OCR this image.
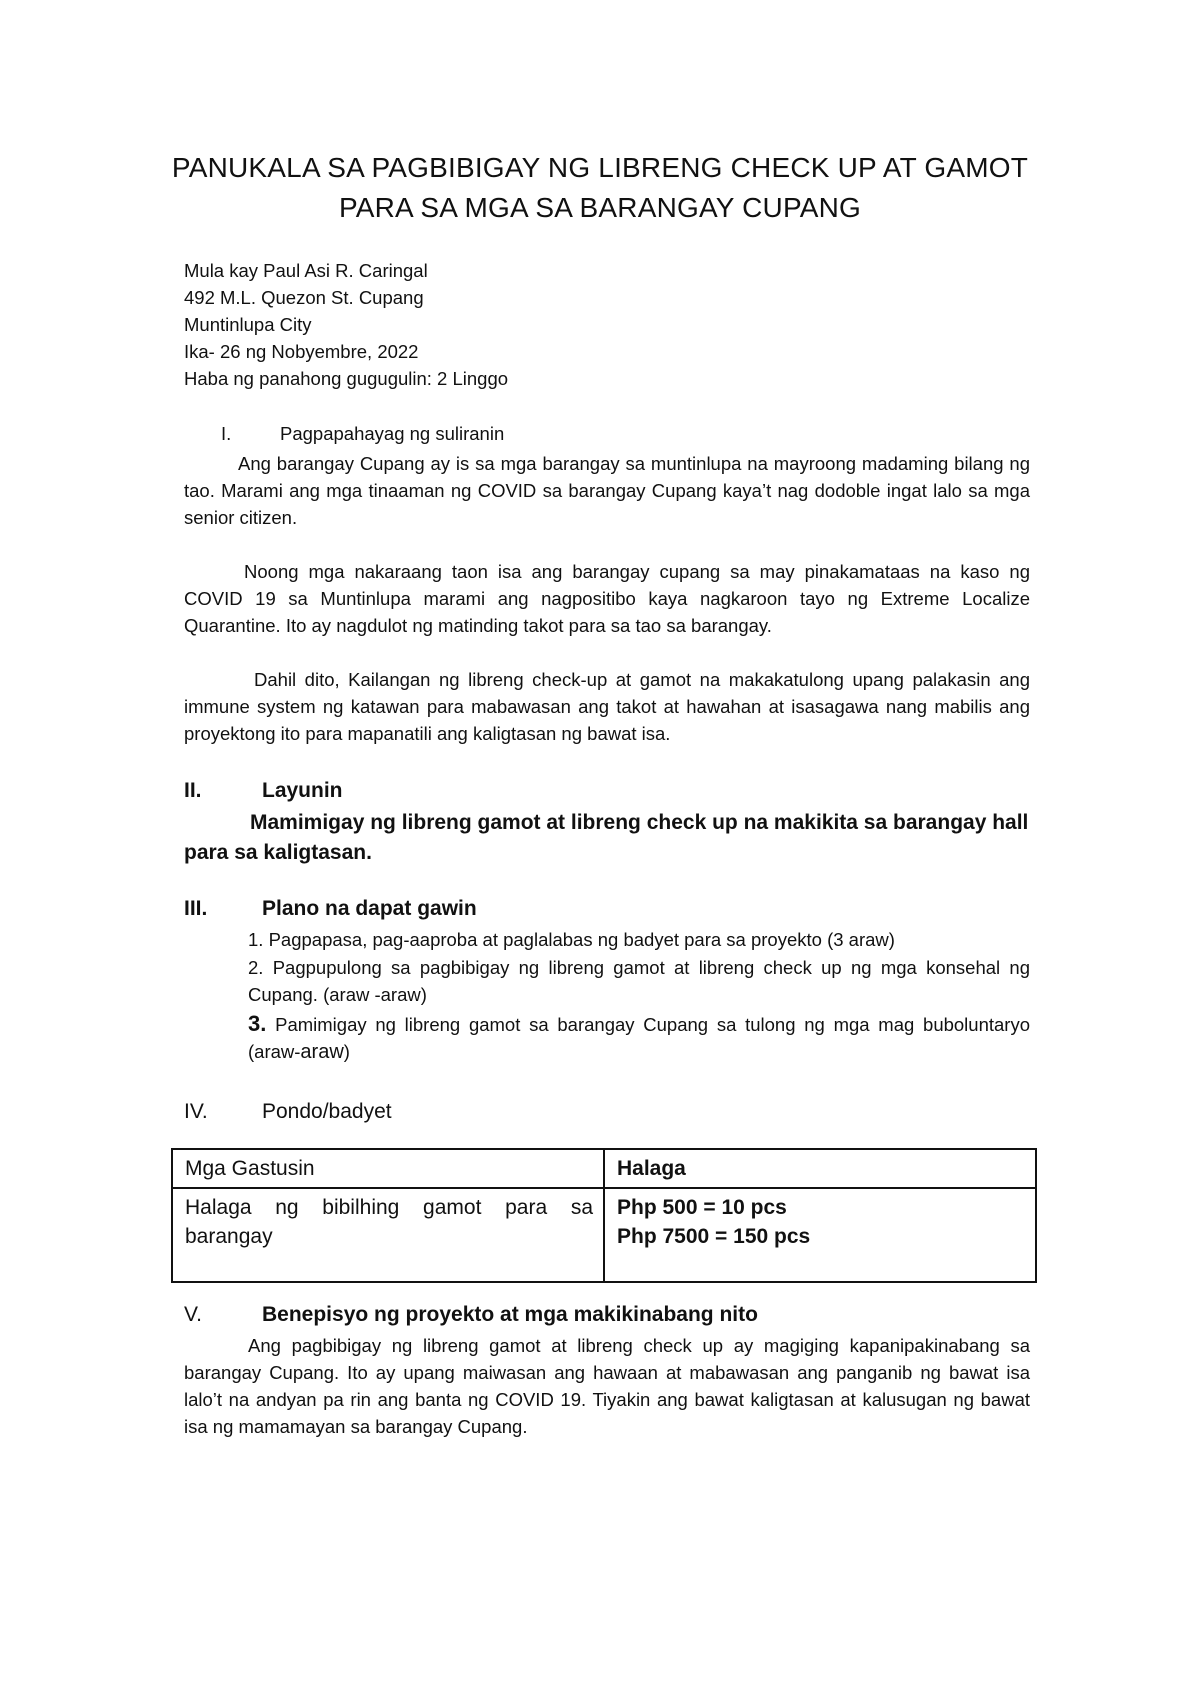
PANUKALA SA PAGBIBIGAY NG LIBRENG CHECK UP AT GAMOT
PARA SA MGA SA BARANGAY CUPANG
Mula kay Paul Asi R. Caringal
492 M.L. Quezon St. Cupang
Muntinlupa City
Ika- 26 ng Nobyembre, 2022
Haba ng panahong gugugulin: 2 Linggo
I.	Pagpapahayag ng suliranin
Ang barangay Cupang ay is sa mga barangay sa muntinlupa na mayroong madaming bilang ng tao. Marami ang mga tinaaman ng COVID sa barangay Cupang kaya’t nag dodoble ingat lalo sa mga senior citizen.
Noong mga nakaraang taon isa ang barangay cupang sa may pinakamataas na kaso ng COVID 19 sa Muntinlupa marami ang nagpositibo kaya nagkaroon tayo ng Extreme Localize Quarantine. Ito ay nagdulot ng matinding takot para sa tao sa barangay.
Dahil dito, Kailangan ng libreng check-up at gamot na makakatulong upang palakasin ang immune system ng katawan para mabawasan ang takot at hawahan at isasagawa nang mabilis ang proyektong ito para mapanatili ang kaligtasan ng bawat isa.
II.	Layunin
Mamimigay ng libreng gamot at libreng check up na makikita sa barangay hall para sa kaligtasan.
III.	Plano na dapat gawin
1. Pagpapasa, pag-aaproba at paglalabas ng badyet para sa proyekto (3 araw)
2. Pagpupulong sa pagbibigay ng libreng gamot at libreng check up ng mga konsehal ng Cupang. (araw -araw)
3. Pamimigay ng libreng gamot sa barangay Cupang sa tulong ng mga mag buboluntaryo (araw-araw)
IV.	Pondo/badyet
Mga Gastusin	Halaga
Halaga ng bibilhing gamot para sa barangay	Php 500 = 10 pcs
Php 7500 = 150 pcs
V.	Benepisyo ng proyekto at mga makikinabang nito
Ang pagbibigay ng libreng gamot at libreng check up ay magiging kapanipakinabang sa barangay Cupang. Ito ay upang maiwasan ang hawaan at mabawasan ang panganib ng bawat isa lalo’t na andyan pa rin ang banta ng COVID 19. Tiyakin ang bawat kaligtasan at kalusugan ng bawat isa ng mamamayan sa barangay Cupang.
